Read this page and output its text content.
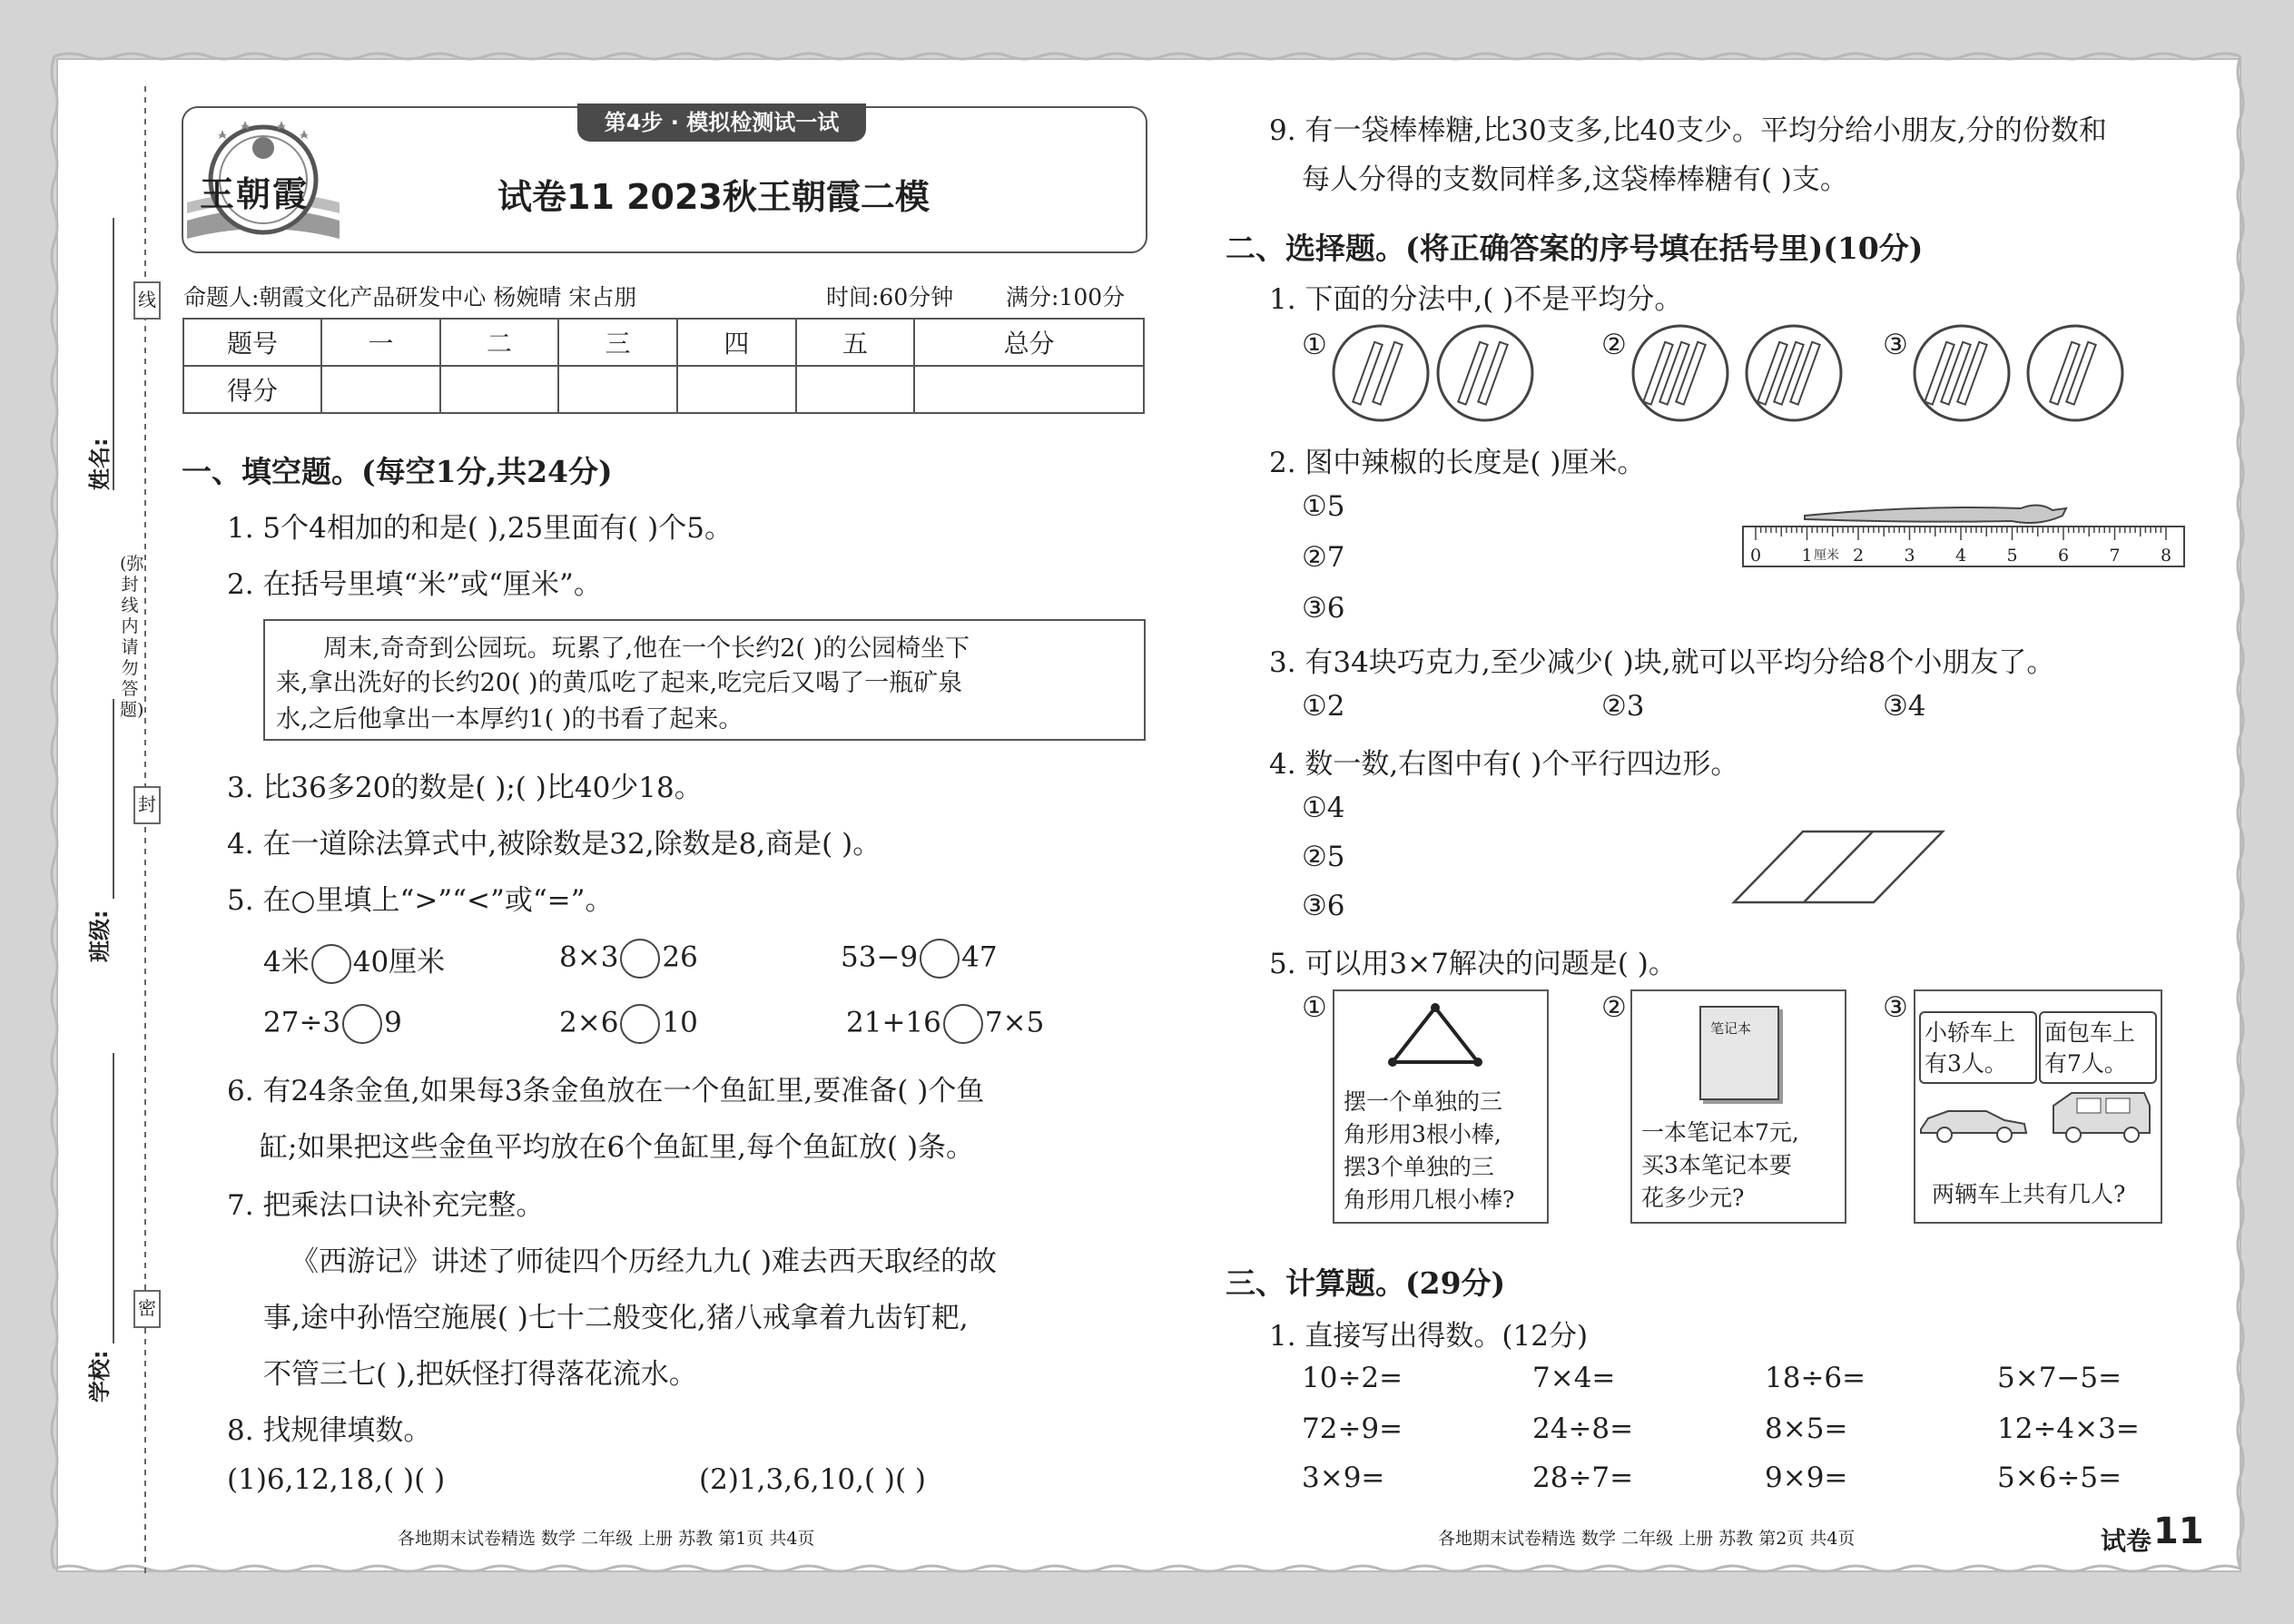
线
封
密
(弥封线内请勿答题)
姓名:
班级:
学校:
第4步 · 模拟检测试一试
王朝霞	试卷11 2023秋王朝霞二模
命题人:朝霞文化产品研发中心 杨婉晴 宋占朋	时间:60分钟 满分:100分
题号	一	二	三	四	五	总分
得分						
一、填空题。(每空1分,共24分)
1. 5个4相加的和是( ),25里面有( )个5。
2. 在括号里填“米”或“厘米”。
周末,奇奇到公园玩。玩累了,他在一个长约2( )的公园椅坐下
来,拿出洗好的长约20( )的黄瓜吃了起来,吃完后又喝了一瓶矿泉
水,之后他拿出一本厚约1( )的书看了起来。
3. 比36多20的数是( );( )比40少18。
4. 在一道除法算式中,被除数是32,除数是8,商是( )。
5. 在○里填上“>”“<”或“=”。
4米 40厘米	8×3 26	53−9 47
27÷3 9	2×6 10	21+16 7×5
6. 有24条金鱼,如果每3条金鱼放在一个鱼缸里,要准备( )个鱼
缸;如果把这些金鱼平均放在6个鱼缸里,每个鱼缸放( )条。
7. 把乘法口诀补充完整。
《西游记》讲述了师徒四个历经九九( )难去西天取经的故
事,途中孙悟空施展( )七十二般变化,猪八戒拿着九齿钉耙,
不管三七( ),把妖怪打得落花流水。
8. 找规律填数。
(1)6,12,18,( )( )	(2)1,3,6,10,( )( )
各地期末试卷精选 数学 二年级 上册 苏教 第1页 共4页
9. 有一袋棒棒糖,比30支多,比40支少。平均分给小朋友,分的份数和
每人分得的支数同样多,这袋棒棒糖有( )支。
二、选择题。(将正确答案的序号填在括号里)(10分)
1. 下面的分法中,( )不是平均分。
①	②	③
2. 图中辣椒的长度是( )厘米。
①5
②7
③6
0 1 2 3 4 5 6 7 8
厘米
3. 有34块巧克力,至少减少( )块,就可以平均分给8个小朋友了。
①2	②3	③4
4. 数一数,右图中有( )个平行四边形。
①4
②5
③6
5. 可以用3×7解决的问题是( )。
①	②	③
摆一个单独的三
角形用3根小棒,
摆3个单独的三
角形用几根小棒?
笔记本
一本笔记本7元,
买3本笔记本要
花多少元?
小轿车上
有3人。
面包车上
有7人。
两辆车上共有几人?
三、计算题。(29分)
1. 直接写出得数。(12分)
10÷2=	7×4=	18÷6=	5×7−5=
72÷9=	24÷8=	8×5=	12÷4×3=
3×9=	28÷7=	9×9=	5×6÷5=
各地期末试卷精选 数学 二年级 上册 苏教 第2页 共4页	试卷 11
